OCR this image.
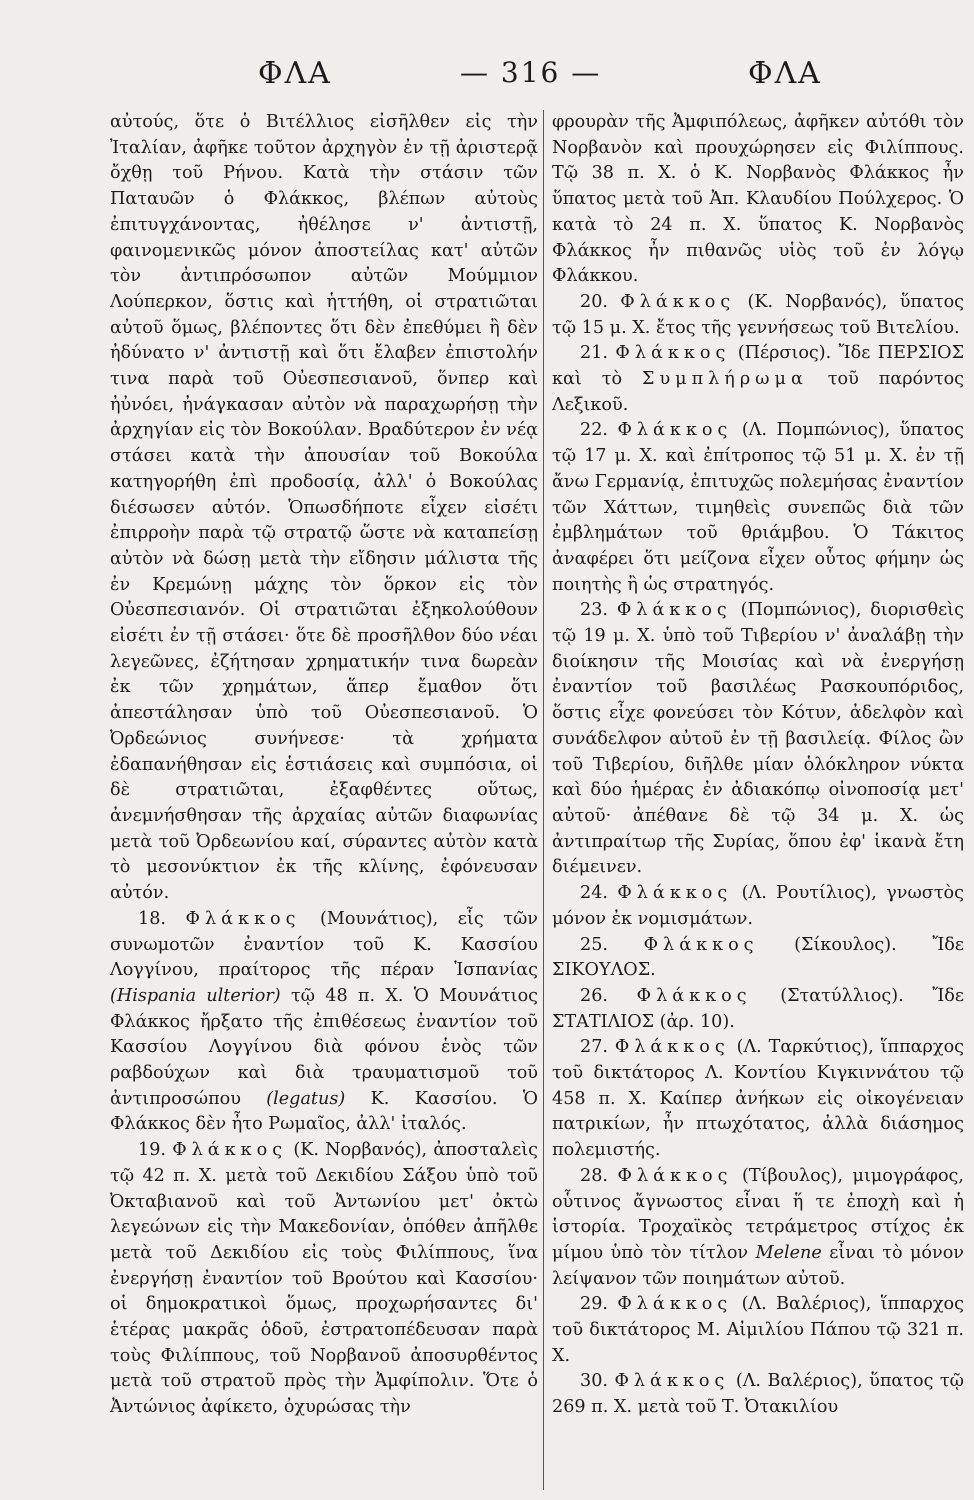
ΦΛΑ	— 316 —	ΦΛΑ

αὐτούς, ὅτε ὁ Βιτέλλιος εἰσῆλθεν εἰς τὴν Ἰταλίαν, ἀφῆκε τοῦτον ἀρχηγὸν ἐν τῇ ἀριστερᾷ ὄχθῃ τοῦ Ρήνου. Κατὰ τὴν στάσιν τῶν Παταυῶν ὁ Φλάκκος, βλέπων αὐτοὺς ἐπιτυγχάνοντας, ἠθέλησε ν' ἀντιστῇ, φαινομενικῶς μόνον ἀποστείλας κατ' αὐτῶν τὸν ἀντιπρόσωπον αὐτῶν Μούμμιον Λούπερκον, ὅστις καὶ ἡττήθη, οἱ στρατιῶται αὐτοῦ ὅμως, βλέποντες ὅτι δὲν ἐπεθύμει ἢ δὲν ἠδύνατο ν' ἀντιστῇ καὶ ὅτι ἔλαβεν ἐπιστολήν τινα παρὰ τοῦ Οὐεσπεσιανοῦ, ὅνπερ καὶ ἠὐνόει, ἠνάγκασαν αὐτὸν νὰ παραχωρήσῃ τὴν ἀρχηγίαν εἰς τὸν Βοκούλαν. Βραδύτερον ἐν νέᾳ στάσει κατὰ τὴν ἀπουσίαν τοῦ Βοκούλα κατηγορήθη ἐπὶ προδοσίᾳ, ἀλλ' ὁ Βοκούλας διέσωσεν αὐτόν. Ὁπωσδήποτε εἶχεν εἰσέτι ἐπιρροὴν παρὰ τῷ στρατῷ ὥστε νὰ καταπείσῃ αὐτὸν νὰ δώσῃ μετὰ τὴν εἴδησιν μάλιστα τῆς ἐν Κρεμώνῃ μάχης τὸν ὅρκον εἰς τὸν Οὐεσπεσιανόν. Οἱ στρατιῶται ἐξηκολούθουν εἰσέτι ἐν τῇ στάσει· ὅτε δὲ προσῆλθον δύο νέαι λεγεῶνες, ἐζήτησαν χρηματικήν τινα δωρεὰν ἐκ τῶν χρημάτων, ἅπερ ἔμαθον ὅτι ἀπεστάλησαν ὑπὸ τοῦ Οὐεσπεσιανοῦ. Ὁ Ὀρδεώνιος συνήνεσε· τὰ χρήματα ἐδαπανήθησαν εἰς ἑστιάσεις καὶ συμπόσια, οἱ δὲ στρατιῶται, ἐξαφθέντες οὕτως, ἀνεμνήσθησαν τῆς ἀρχαίας αὐτῶν διαφωνίας μετὰ τοῦ Ὀρδεωνίου καί, σύραντες αὐτὸν κατὰ τὸ μεσονύκτιον ἐκ τῆς κλίνης, ἐφόνευσαν αὐτόν.

18. Φλάκκος (Μουνάτιος), εἷς τῶν συνωμοτῶν ἐναντίον τοῦ Κ. Κασσίου Λογγίνου, πραίτορος τῆς πέραν Ἱσπανίας (Hispania ulterior) τῷ 48 π. Χ. Ὁ Μουνάτιος Φλάκκος ἤρξατο τῆς ἐπιθέσεως ἐναντίον τοῦ Κασσίου Λογγίνου διὰ φόνου ἑνὸς τῶν ραβδούχων καὶ διὰ τραυματισμοῦ τοῦ ἀντιπροσώπου (legatus) Κ. Κασσίου. Ὁ Φλάκκος δὲν ἦτο Ρωμαῖος, ἀλλ' ἰταλός.

19. Φλάκκος (Κ. Νορβανός), ἀποσταλεὶς τῷ 42 π. Χ. μετὰ τοῦ Δεκιδίου Σάξου ὑπὸ τοῦ Ὀκταβιανοῦ καὶ τοῦ Ἀντωνίου μετ' ὀκτὼ λεγεώνων εἰς τὴν Μακεδονίαν, ὁπόθεν ἀπῆλθε μετὰ τοῦ Δεκιδίου εἰς τοὺς Φιλίππους, ἵνα ἐνεργήσῃ ἐναντίον τοῦ Βρούτου καὶ Κασσίου· οἱ δημοκρατικοὶ ὅμως, προχωρήσαντες δι' ἑτέρας μακρᾶς ὁδοῦ, ἐστρατοπέδευσαν παρὰ τοὺς Φιλίππους, τοῦ Νορβανοῦ ἀποσυρθέντος μετὰ τοῦ στρατοῦ πρὸς τὴν Ἀμφίπολιν. Ὅτε ὁ Ἀντώνιος ἀφίκετο, ὀχυρώσας τὴν

φρουρὰν τῆς Ἀμφιπόλεως, ἀφῆκεν αὐτόθι τὸν Νορβανὸν καὶ προυχώρησεν εἰς Φιλίππους. Τῷ 38 π. Χ. ὁ Κ. Νορβανὸς Φλάκκος ἦν ὕπατος μετὰ τοῦ Ἀπ. Κλαυδίου Πούλχερος. Ὁ κατὰ τὸ 24 π. Χ. ὕπατος Κ. Νορβανὸς Φλάκκος ἦν πιθανῶς υἱὸς τοῦ ἐν λόγῳ Φλάκκου.

20. Φλάκκος (Κ. Νορβανός), ὕπατος τῷ 15 μ. Χ. ἔτος τῆς γεννήσεως τοῦ Βιτελίου.

21. Φλάκκος (Πέρσιος). Ἴδε ΠΕΡΣΙΟΣ καὶ τὸ Συμπλήρωμα τοῦ παρόντος Λεξικοῦ.

22. Φλάκκος (Λ. Πομπώνιος), ὕπατος τῷ 17 μ. Χ. καὶ ἐπίτροπος τῷ 51 μ. Χ. ἐν τῇ ἄνω Γερμανίᾳ, ἐπιτυχῶς πολεμήσας ἐναντίον τῶν Χάττων, τιμηθεὶς συνεπῶς διὰ τῶν ἐμβλημάτων τοῦ θριάμβου. Ὁ Τάκιτος ἀναφέρει ὅτι μείζονα εἶχεν οὗτος φήμην ὡς ποιητὴς ἢ ὡς στρατηγός.

23. Φλάκκος (Πομπώνιος), διορισθεὶς τῷ 19 μ. Χ. ὑπὸ τοῦ Τιβερίου ν' ἀναλάβῃ τὴν διοίκησιν τῆς Μοισίας καὶ νὰ ἐνεργήσῃ ἐναντίον τοῦ βασιλέως Ρασκουπόριδος, ὅστις εἶχε φονεύσει τὸν Κότυν, ἀδελφὸν καὶ συνάδελφον αὐτοῦ ἐν τῇ βασιλείᾳ. Φίλος ὢν τοῦ Τιβερίου, διῆλθε μίαν ὁλόκληρον νύκτα καὶ δύο ἡμέρας ἐν ἀδιακόπῳ οἰνοποσίᾳ μετ' αὐτοῦ· ἀπέθανε δὲ τῷ 34 μ. Χ. ὡς ἀντιπραίτωρ τῆς Συρίας, ὅπου ἐφ' ἱκανὰ ἔτη διέμεινεν.

24. Φλάκκος (Λ. Ρουτίλιος), γνωστὸς μόνον ἐκ νομισμάτων.

25. Φλάκκος (Σίκουλος). Ἴδε ΣΙΚΟΥΛΟΣ.

26. Φλάκκος (Στατύλλιος). Ἴδε ΣΤΑΤΙΛΙΟΣ (ἀρ. 10).

27. Φλάκκος (Λ. Ταρκύτιος), ἵππαρχος τοῦ δικτάτορος Λ. Κοντίου Κιγκιννάτου τῷ 458 π. Χ. Καίπερ ἀνήκων εἰς οἰκογένειαν πατρικίων, ἦν πτωχότατος, ἀλλὰ διάσημος πολεμιστής.

28. Φλάκκος (Τίβουλος), μιμογράφος, οὗτινος ἄγνωστος εἶναι ἥ τε ἐποχὴ καὶ ἡ ἱστορία. Τροχαϊκὸς τετράμετρος στίχος ἐκ μίμου ὑπὸ τὸν τίτλον Melene εἶναι τὸ μόνον λείψανον τῶν ποιημάτων αὐτοῦ.

29. Φλάκκος (Λ. Βαλέριος), ἵππαρχος τοῦ δικτάτορος Μ. Αἰμιλίου Πάπου τῷ 321 π. Χ.

30. Φλάκκος (Λ. Βαλέριος), ὕπατος τῷ 269 π. Χ. μετὰ τοῦ Τ. Ὀτακιλίου
